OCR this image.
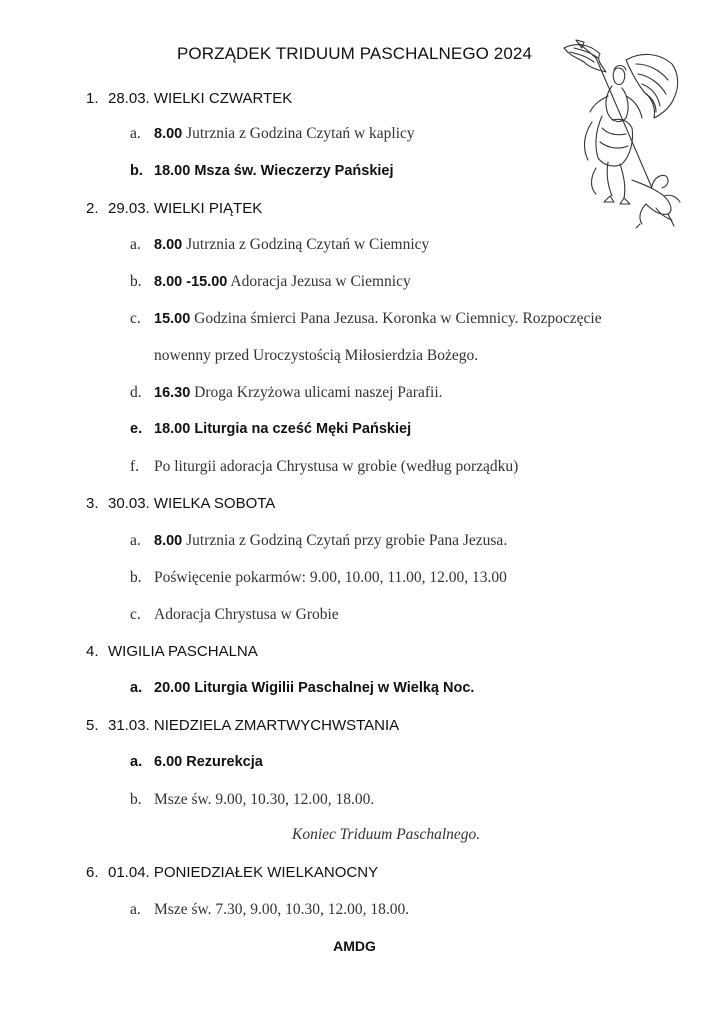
PORZĄDEK TRIDUUM PASCHALNEGO 2024
1. 28.03. WIELKI CZWARTEK
a. 8.00 Jutrznia z Godzina Czytań w kaplicy
b. 18.00 Msza św. Wieczerzy Pańskiej
2. 29.03. WIELKI PIĄTEK
a. 8.00 Jutrznia z Godziną Czytań w Ciemnicy
b. 8.00 -15.00 Adoracja Jezusa w Ciemnicy
c. 15.00 Godzina śmierci Pana Jezusa. Koronka w Ciemnicy. Rozpoczęcie
nowenny przed Uroczystością Miłosierdzia Bożego.
d. 16.30 Droga Krzyżowa ulicami naszej Parafii.
e. 18.00 Liturgia na cześć Męki Pańskiej
f. Po liturgii adoracja Chrystusa w grobie (według porządku)
3. 30.03. WIELKA SOBOTA
a. 8.00 Jutrznia z Godziną Czytań przy grobie Pana Jezusa.
b. Poświęcenie pokarmów: 9.00, 10.00, 11.00, 12.00, 13.00
c. Adoracja Chrystusa w Grobie
4. WIGILIA PASCHALNA
a. 20.00 Liturgia Wigilii Paschalnej w Wielką Noc.
5. 31.03. NIEDZIELA ZMARTWYCHWSTANIA
a. 6.00 Rezurekcja
b. Msze św. 9.00, 10.30, 12.00, 18.00.
Koniec Triduum Paschalnego.
6. 01.04. PONIEDZIAŁEK WIELKANOCNY
a. Msze św. 7.30, 9.00, 10.30, 12.00, 18.00.
AMDG
